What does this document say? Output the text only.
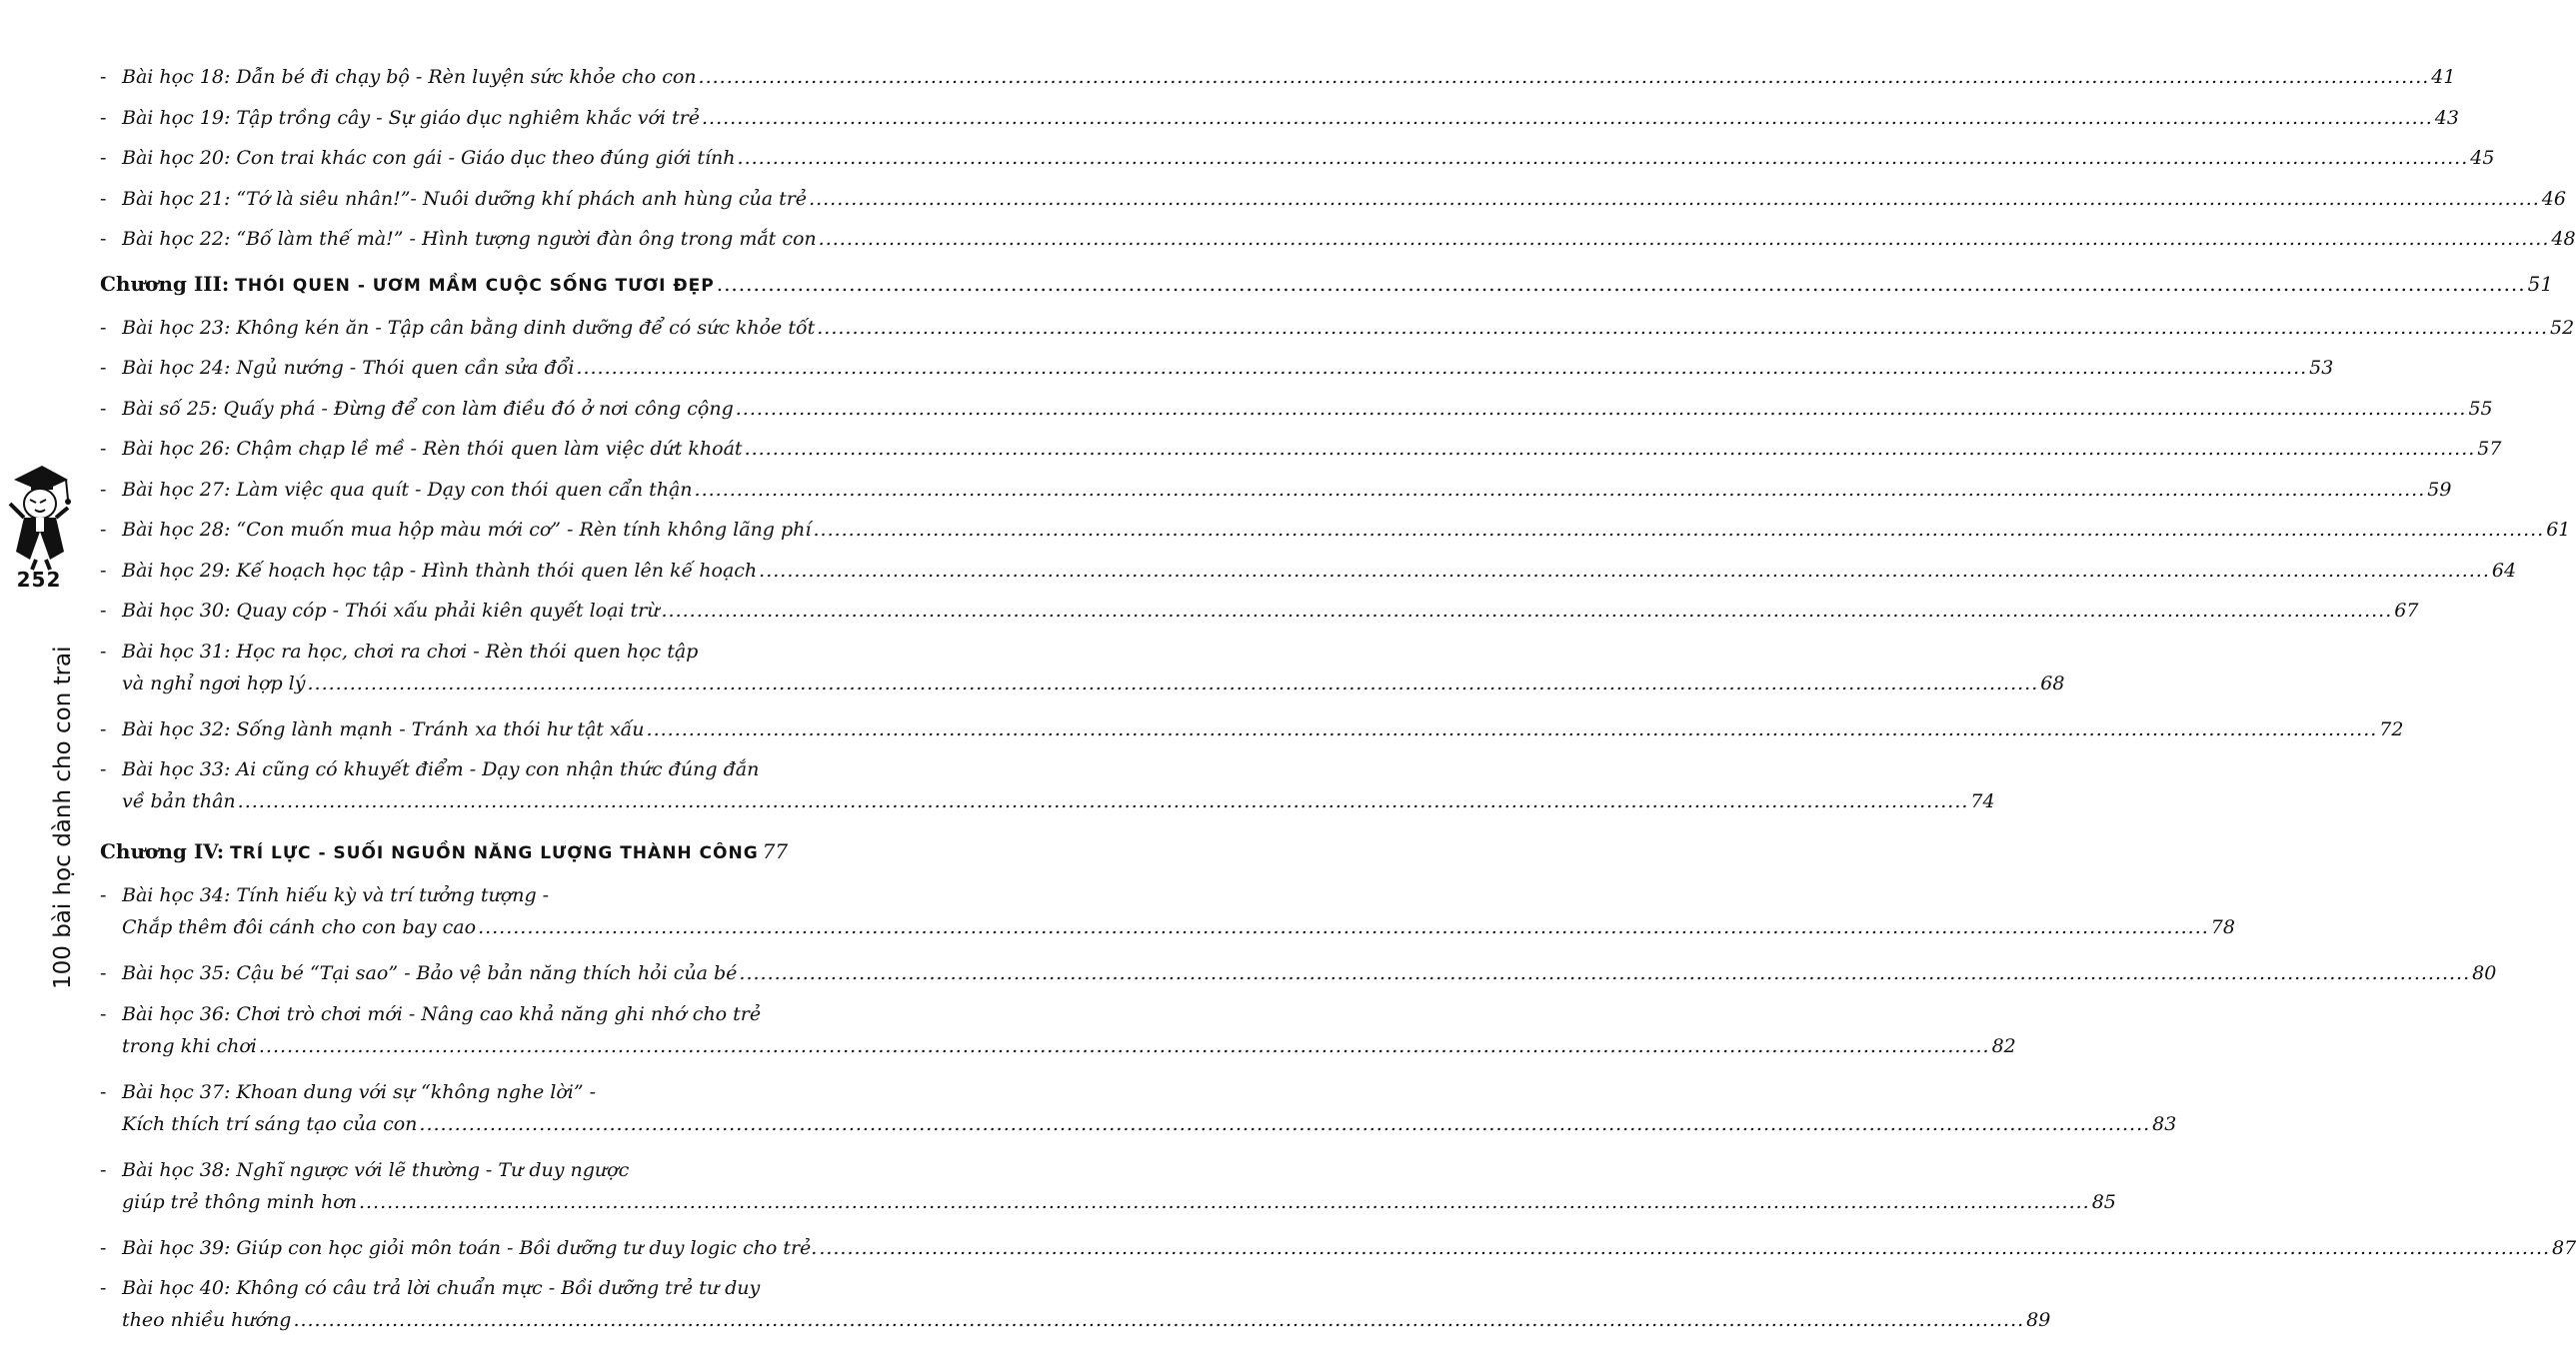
252
100 bài học dành cho con trai
- Bài học 18: Dẫn bé đi chạy bộ - Rèn luyện sức khỏe cho con .....	41
- Bài học 19: Tập trồng cây - Sự giáo dục nghiêm khắc với trẻ .....	43
- Bài học 20: Con trai khác con gái - Giáo dục theo đúng giới tính .....	45
- Bài học 21: “Tớ là siêu nhân!”- Nuôi dưỡng khí phách anh hùng của trẻ .....	46
- Bài học 22: “Bố làm thế mà!” - Hình tượng người đàn ông trong mắt con .....	48
Chương III: THÓI QUEN - ƯƠM MẦM CUỘC SỐNG TƯƠI ĐẸP .....	51
- Bài học 23: Không kén ăn - Tập cân bằng dinh dưỡng để có sức khỏe tốt .....	52
- Bài học 24: Ngủ nướng - Thói quen cần sửa đổi .....	53
- Bài số 25: Quấy phá - Đừng để con làm điều đó ở nơi công cộng .....	55
- Bài học 26: Chậm chạp lề mề - Rèn thói quen làm việc dứt khoát .....	57
- Bài học 27: Làm việc qua quít - Dạy con thói quen cẩn thận .....	59
- Bài học 28: “Con muốn mua hộp màu mới cơ” - Rèn tính không lãng phí .....	61
- Bài học 29: Kế hoạch học tập - Hình thành thói quen lên kế hoạch .....	64
- Bài học 30: Quay cóp - Thói xấu phải kiên quyết loại trừ .....	67
- Bài học 31: Học ra học, chơi ra chơi - Rèn thói quen học tập
và nghỉ ngơi hợp lý .....	68
- Bài học 32: Sống lành mạnh - Tránh xa thói hư tật xấu .....	72
- Bài học 33: Ai cũng có khuyết điểm - Dạy con nhận thức đúng đắn
về bản thân .....	74
Chương IV: TRÍ LỰC - SUỐI NGUỒN NĂNG LƯỢNG THÀNH CÔNG 77
- Bài học 34: Tính hiếu kỳ và trí tưởng tượng -
Chắp thêm đôi cánh cho con bay cao .....	78
- Bài học 35: Cậu bé “Tại sao” - Bảo vệ bản năng thích hỏi của bé .....	80
- Bài học 36: Chơi trò chơi mới - Nâng cao khả năng ghi nhớ cho trẻ
trong khi chơi .....	82
- Bài học 37: Khoan dung với sự “không nghe lời” -
Kích thích trí sáng tạo của con .....	83
- Bài học 38: Nghĩ ngược với lẽ thường - Tư duy ngược
giúp trẻ thông minh hơn .....	85
- Bài học 39: Giúp con học giỏi môn toán - Bồi dưỡng tư duy logic cho trẻ. .....	87
- Bài học 40: Không có câu trả lời chuẩn mực - Bồi dưỡng trẻ tư duy
theo nhiều hướng .....	89
